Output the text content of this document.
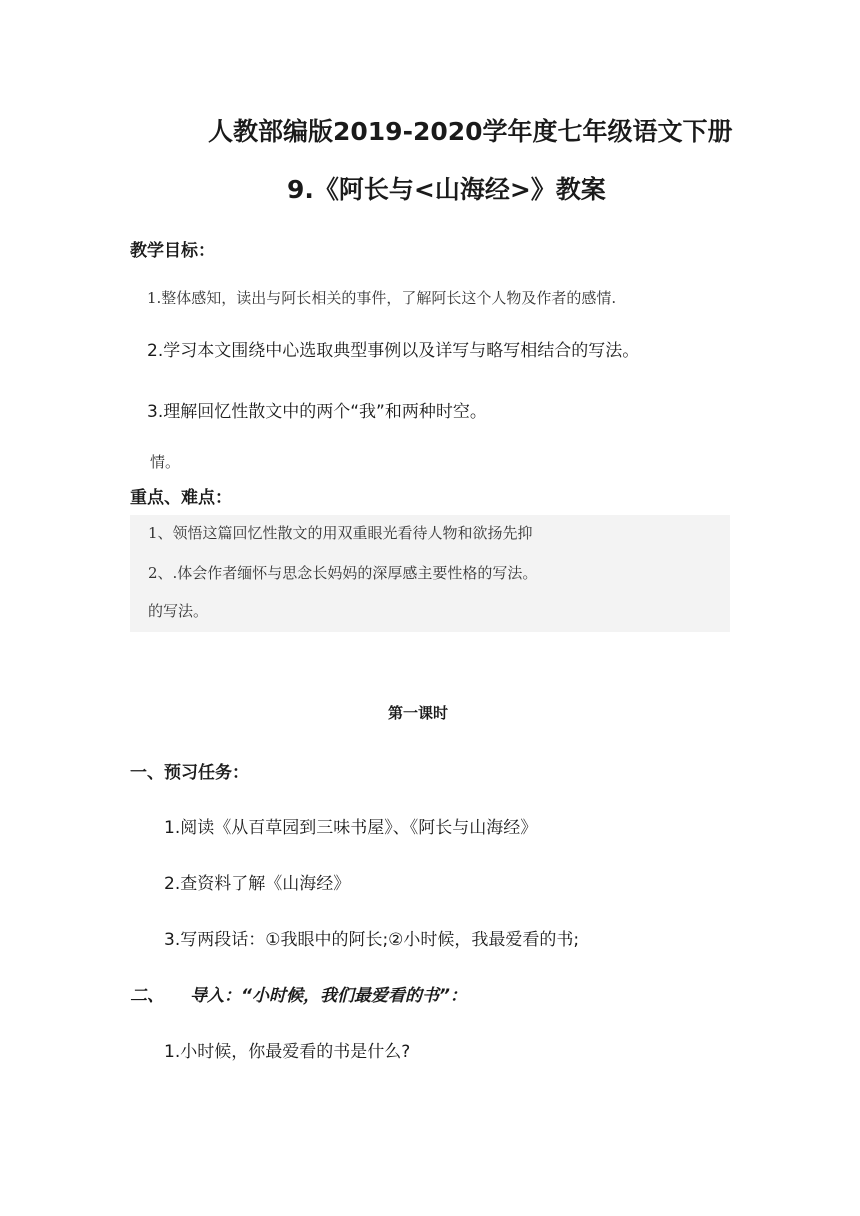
人教部编版2019-2020学年度七年级语文下册
9.《阿长与<山海经>》教案
教学目标：
1.整体感知，读出与阿长相关的事件，了解阿长这个人物及作者的感情.
2.学习本文围绕中心选取典型事例以及详写与略写相结合的写法。
3.理解回忆性散文中的两个“我”和两种时空。
情。
重点、难点：
1、领悟这篇回忆性散文的用双重眼光看待人物和欲扬先抑
2、.体会作者缅怀与思念长妈妈的深厚感主要性格的写法。
的写法。
第一课时
一、预习任务：
1.阅读《从百草园到三味书屋》、《阿长与山海经》
2.查资料了解《山海经》
3.写两段话：①我眼中的阿长;②小时候，我最爱看的书;
二、 导入：“小时候，我们最爱看的书”：
1.小时候，你最爱看的书是什么?
